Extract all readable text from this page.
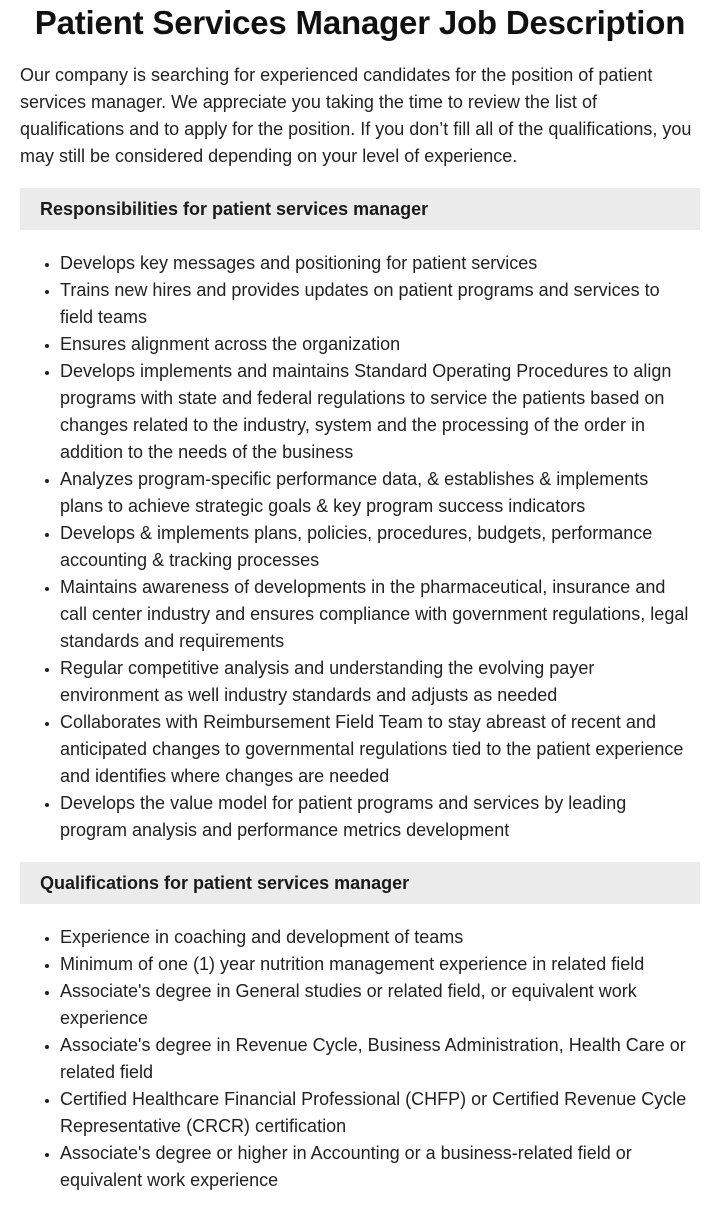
Patient Services Manager Job Description

Our company is searching for experienced candidates for the position of patient services manager. We appreciate you taking the time to review the list of qualifications and to apply for the position. If you don’t fill all of the qualifications, you may still be considered depending on your level of experience.

Responsibilities for patient services manager
• Develops key messages and positioning for patient services
• Trains new hires and provides updates on patient programs and services to field teams
• Ensures alignment across the organization
• Develops implements and maintains Standard Operating Procedures to align programs with state and federal regulations to service the patients based on changes related to the industry, system and the processing of the order in addition to the needs of the business
• Analyzes program-specific performance data, & establishes & implements plans to achieve strategic goals & key program success indicators
• Develops & implements plans, policies, procedures, budgets, performance accounting & tracking processes
• Maintains awareness of developments in the pharmaceutical, insurance and call center industry and ensures compliance with government regulations, legal standards and requirements
• Regular competitive analysis and understanding the evolving payer environment as well industry standards and adjusts as needed
• Collaborates with Reimbursement Field Team to stay abreast of recent and anticipated changes to governmental regulations tied to the patient experience and identifies where changes are needed
• Develops the value model for patient programs and services by leading program analysis and performance metrics development
Qualifications for patient services manager
• Experience in coaching and development of teams
• Minimum of one (1) year nutrition management experience in related field
• Associate's degree in General studies or related field, or equivalent work experience
• Associate's degree in Revenue Cycle, Business Administration, Health Care or related field
• Certified Healthcare Financial Professional (CHFP) or Certified Revenue Cycle Representative (CRCR) certification
• Associate's degree or higher in Accounting or a business-related field or equivalent work experience
